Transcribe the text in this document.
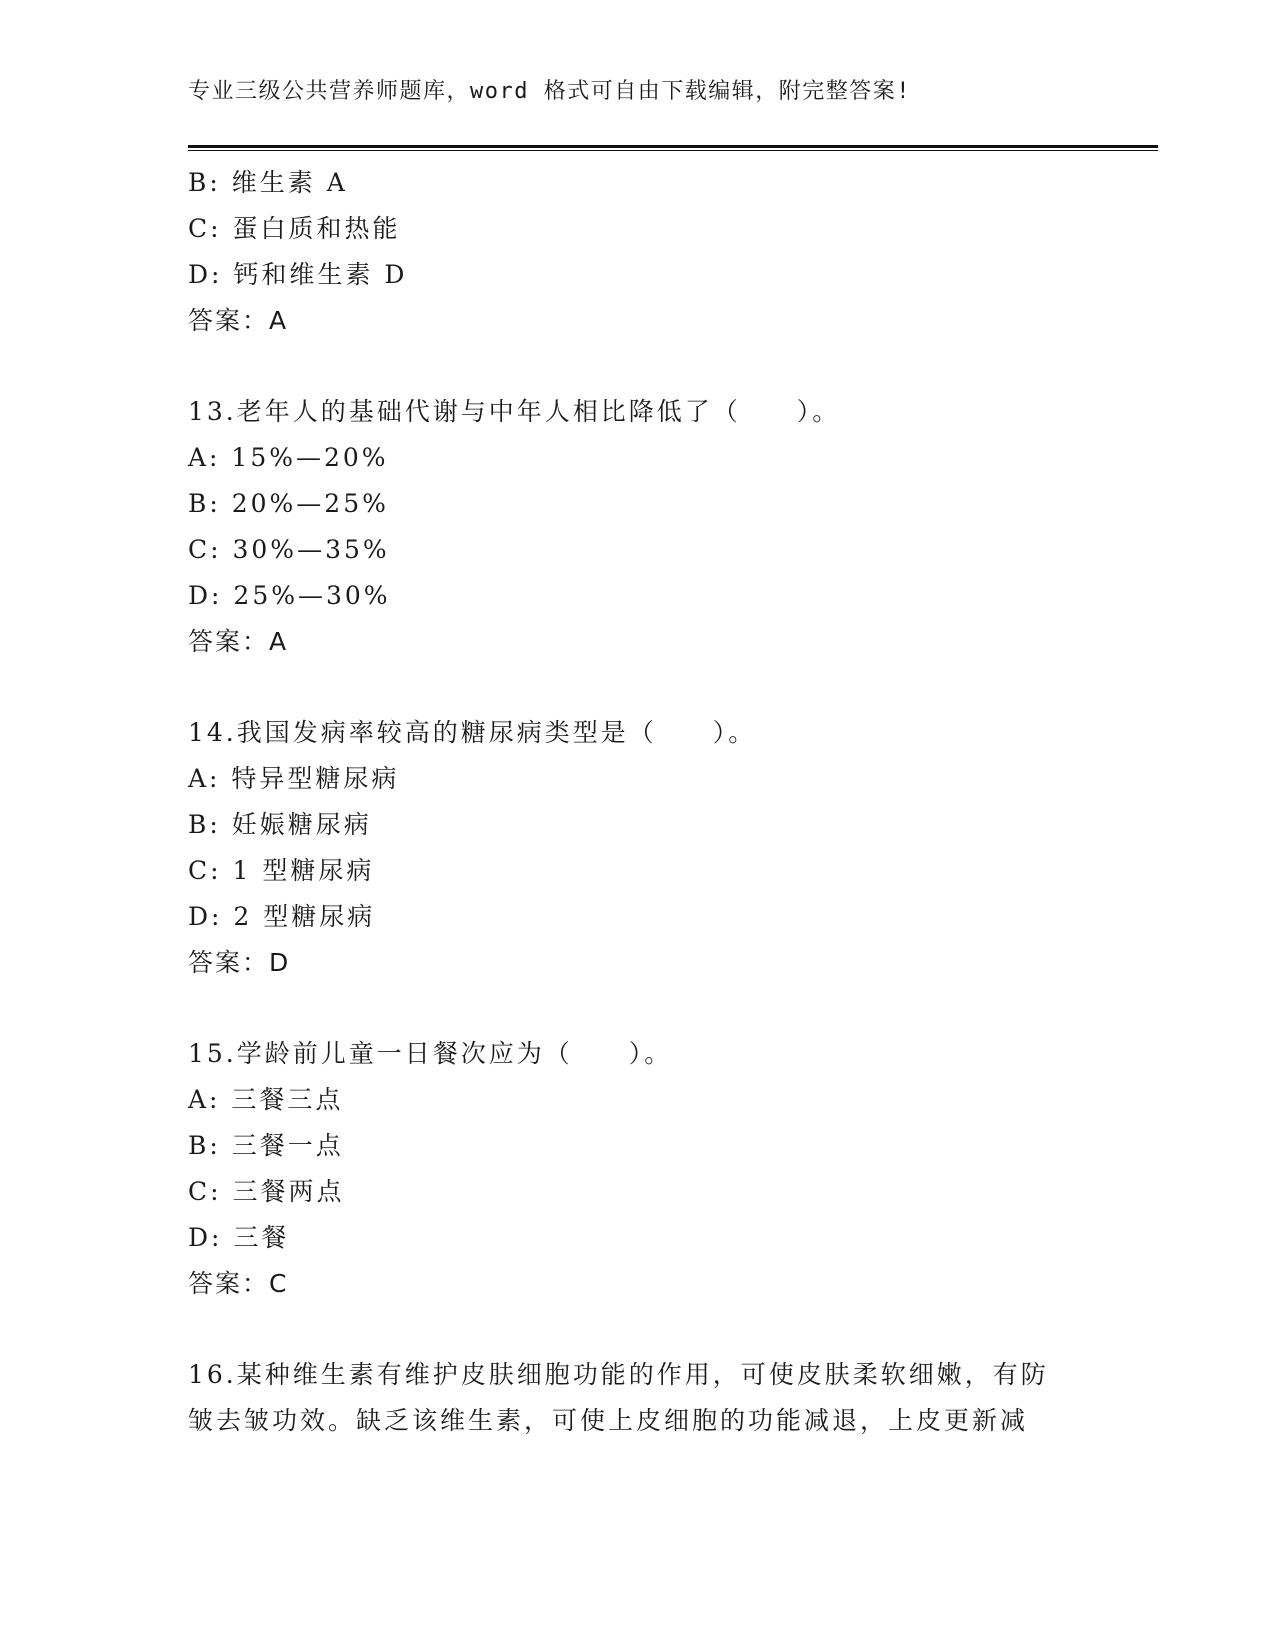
专业三级公共营养师题库，word 格式可自由下载编辑，附完整答案!
B: 维生素 A
C: 蛋白质和热能
D: 钙和维生素 D
答案：A
13.老年人的基础代谢与中年人相比降低了（　　）。
A: 15%—20%
B: 20%—25%
C: 30%—35%
D: 25%—30%
答案：A
14.我国发病率较高的糖尿病类型是（　　）。
A: 特异型糖尿病
B: 妊娠糖尿病
C: 1 型糖尿病
D: 2 型糖尿病
答案：D
15.学龄前儿童一日餐次应为（　　）。
A: 三餐三点
B: 三餐一点
C: 三餐两点
D: 三餐
答案：C
16.某种维生素有维护皮肤细胞功能的作用，可使皮肤柔软细嫩，有防
皱去皱功效。缺乏该维生素，可使上皮细胞的功能减退，上皮更新减
